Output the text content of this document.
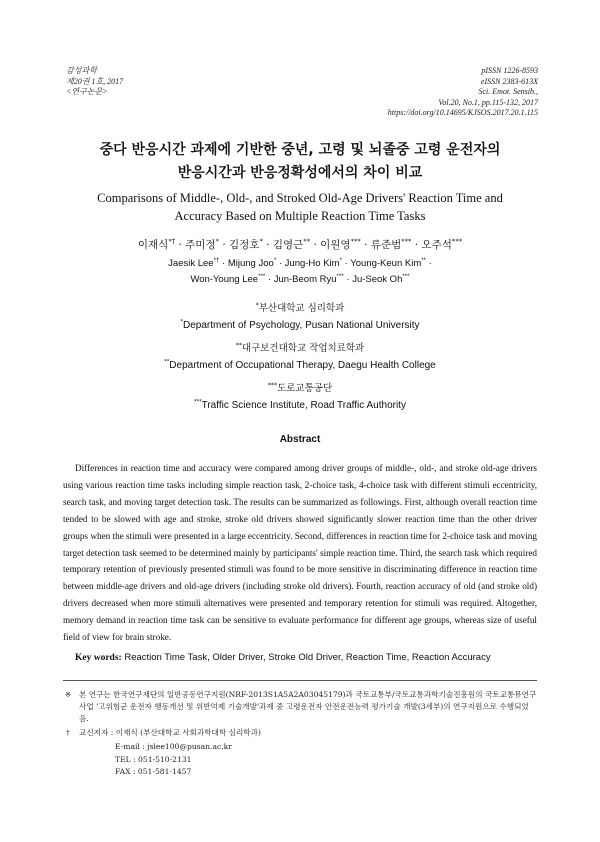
감성과학
제20권 1호, 2017
<연구논문>
pISSN 1226-8593
eISSN 2383-613X
Sci. Emot. Sensib.,
Vol.20, No.1, pp.115-132, 2017
https://doi.org/10.14695/KJSOS.2017.20.1.115
중다 반응시간 과제에 기반한 중년, 고령 및 뇌졸중 고령 운전자의
반응시간과 반응정확성에서의 차이 비교
Comparisons of Middle-, Old-, and Stroked Old-Age Drivers' Reaction Time and
Accuracy Based on Multiple Reaction Time Tasks
이재식*† · 주미정* · 김정호* · 김영근** · 이원영*** · 류준범*** · 오주석***
Jaesik Lee*† · Mijung Joo* · Jung-Ho Kim* · Young-Keun Kim** ·
Won-Young Lee*** · Jun-Beom Ryu*** · Ju-Seok Oh***
*부산대학교 심리학과
*Department of Psychology, Pusan National University
**대구보건대학교 작업치료학과
**Department of Occupational Therapy, Daegu Health College
***도로교통공단
***Traffic Science Institute, Road Traffic Authority
Abstract

Differences in reaction time and accuracy were compared among driver groups of middle-, old-, and stroke old-age drivers using various reaction time tasks including simple reaction task, 2-choice task, 4-choice task with different stimuli eccentricity, search task, and moving target detection task. The results can be summarized as followings. First, although overall reaction time tended to be slowed with age and stroke, stroke old drivers showed significantly slower reaction time than the other driver groups when the stimuli were presented in a large eccentricity. Second, differences in reaction time for 2-choice task and moving target detection task seemed to be determined mainly by participants' simple reaction time. Third, the search task which required temporary retention of previously presented stimuli was found to be more sensitive in discriminating difference in reaction time between middle-age drivers and old-age drivers (including stroke old drivers). Fourth, reaction accuracy of old (and stroke old) drivers decreased when more stimuli alternatives were presented and temporary retention for stimuli was required. Altogether, memory demand in reaction time task can be sensitive to evaluate performance for different age groups, whereas size of useful field of view for brain stroke.

Key words: Reaction Time Task, Older Driver, Stroke Old Driver, Reaction Time, Reaction Accuracy
※ 본 연구는 한국연구재단의 일반공동연구지원(NRF-2013S1A5A2A03045179)과 국토교통부/국토교통과학기술진흥원의 국토교통뮤연구사업 '고위험군 운전자 행동개선 및 위반억제 기술개발'과제 중 고령운전자 안전운전능력 평가기술 개발(3세부)의 연구지원으로 수행되었음.
† 교신저자 : 이재식 (부산대학교 사회과학대학 심리학과)
E-mail : jslee100@pusan.ac.kr
TEL : 051-510-2131
FAX : 051-581-1457
